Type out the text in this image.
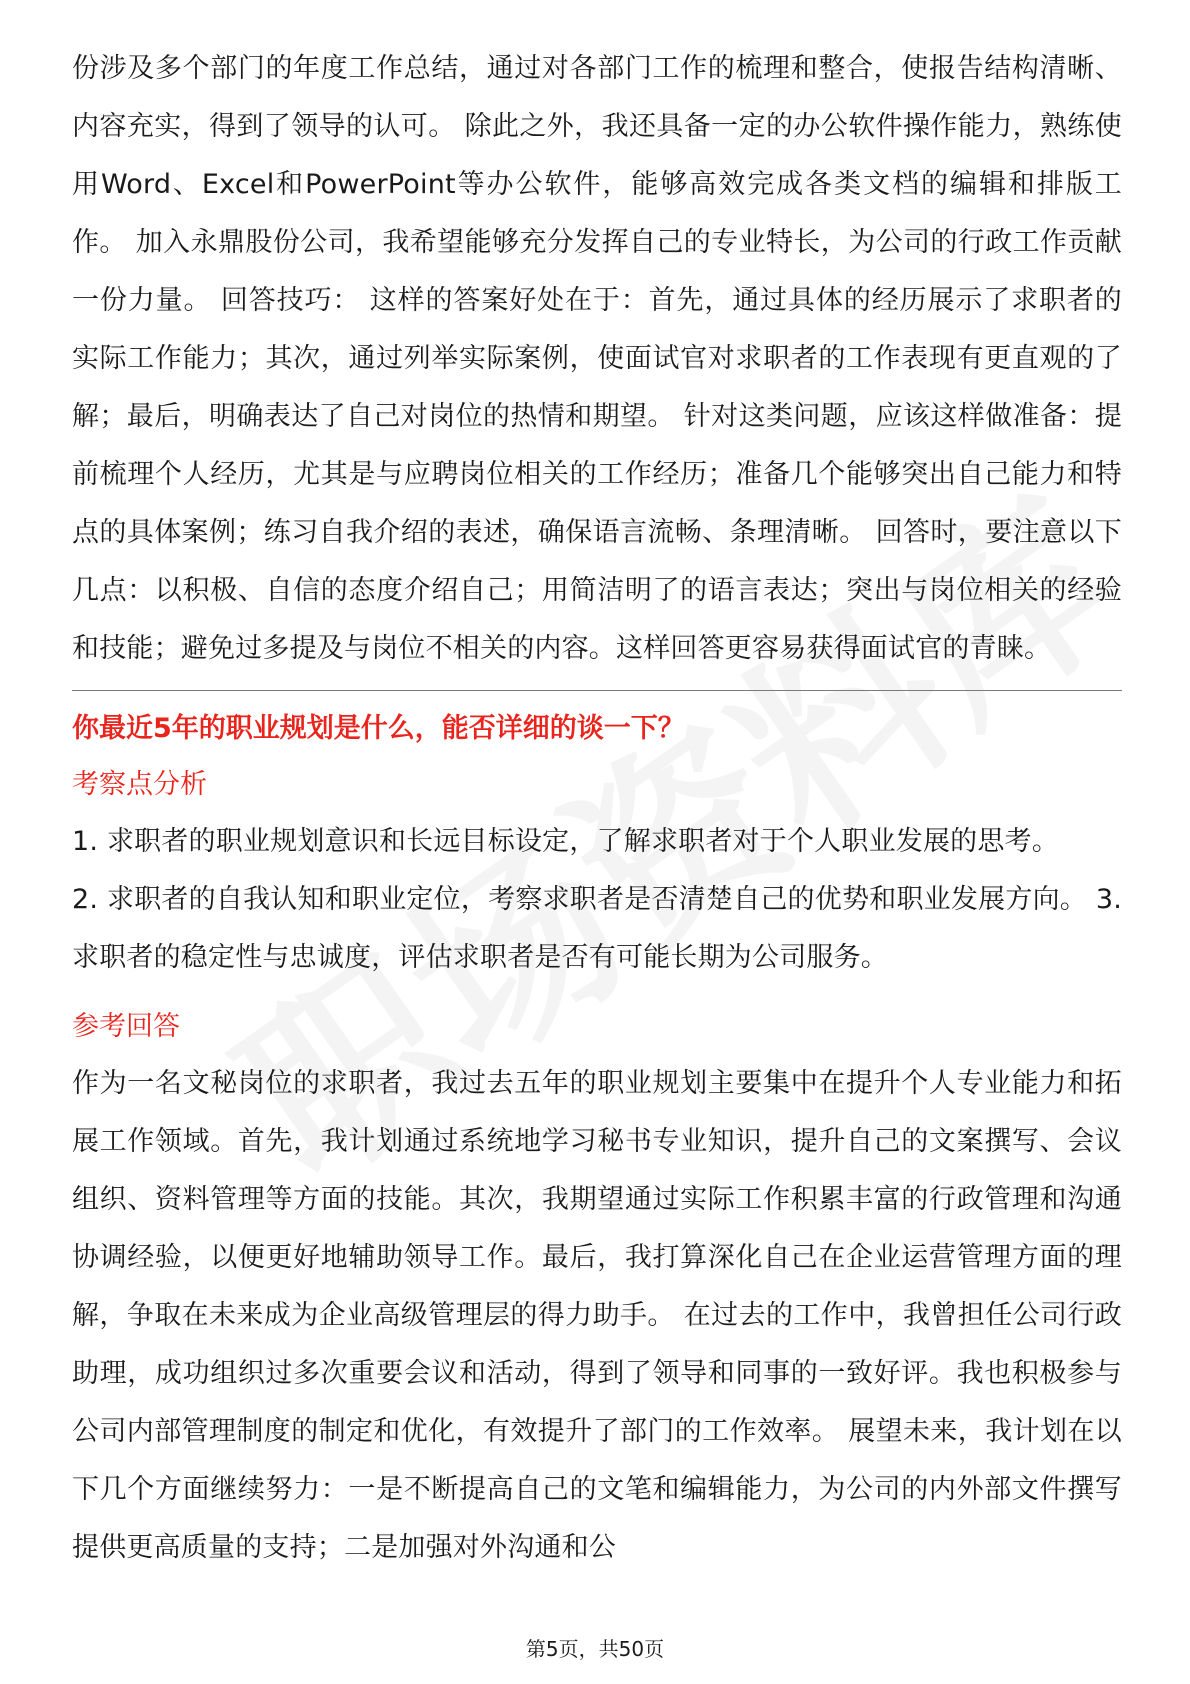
份涉及多个部门的年度工作总结，通过对各部门工作的梳理和整合，使报告结构清晰、内容充实，得到了领导的认可。 除此之外，我还具备一定的办公软件操作能力，熟练使用Word、Excel和PowerPoint等办公软件，能够高效完成各类文档的编辑和排版工作。 加入永鼎股份公司，我希望能够充分发挥自己的专业特长，为公司的行政工作贡献一份力量。 回答技巧： 这样的答案好处在于：首先，通过具体的经历展示了求职者的实际工作能力；其次，通过列举实际案例，使面试官对求职者的工作表现有更直观的了解；最后，明确表达了自己对岗位的热情和期望。 针对这类问题，应该这样做准备：提前梳理个人经历，尤其是与应聘岗位相关的工作经历；准备几个能够突出自己能力和特点的具体案例；练习自我介绍的表述，确保语言流畅、条理清晰。 回答时，要注意以下几点：以积极、自信的态度介绍自己；用简洁明了的语言表达；突出与岗位相关的经验和技能；避免过多提及与岗位不相关的内容。这样回答更容易获得面试官的青睐。

你最近5年的职业规划是什么，能否详细的谈一下？

考察点分析

1. 求职者的职业规划意识和长远目标设定，了解求职者对于个人职业发展的思考。

2. 求职者的自我认知和职业定位，考察求职者是否清楚自己的优势和职业发展方向。 3. 求职者的稳定性与忠诚度，评估求职者是否有可能长期为公司服务。

参考回答

作为一名文秘岗位的求职者，我过去五年的职业规划主要集中在提升个人专业能力和拓展工作领域。首先，我计划通过系统地学习秘书专业知识，提升自己的文案撰写、会议组织、资料管理等方面的技能。其次，我期望通过实际工作积累丰富的行政管理和沟通协调经验，以便更好地辅助领导工作。最后，我打算深化自己在企业运营管理方面的理解，争取在未来成为企业高级管理层的得力助手。 在过去的工作中，我曾担任公司行政助理，成功组织过多次重要会议和活动，得到了领导和同事的一致好评。我也积极参与公司内部管理制度的制定和优化，有效提升了部门的工作效率。 展望未来，我计划在以下几个方面继续努力：一是不断提高自己的文笔和编辑能力，为公司的内外部文件撰写提供更高质量的支持；二是加强对外沟通和公

第5页，共50页
